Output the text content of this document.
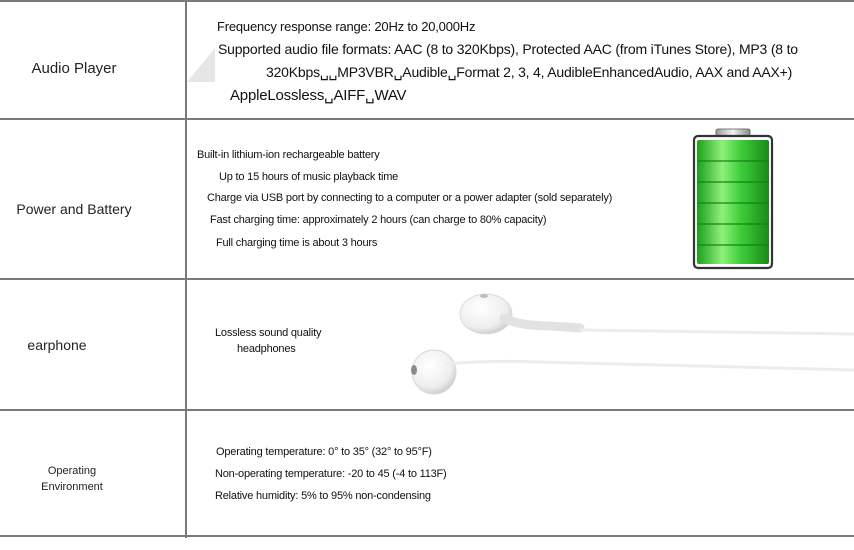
Audio Player
Frequency response range: 20Hz to 20,000Hz
Supported audio file formats: AAC (8 to 320Kbps), Protected AAC (from iTunes Store), MP3 (8 to
320Kbps␣␣MP3VBR␣Audible␣Format 2, 3, 4, AudibleEnhancedAudio, AAX and AAX+)
AppleLossless␣AIFF␣WAV
Power and Battery
Built-in lithium-ion rechargeable battery
Up to 15 hours of music playback time
Charge via USB port by connecting to a computer or a power adapter (sold separately)
Fast charging time: approximately 2 hours (can charge to 80% capacity)
Full charging time is about 3 hours
earphone
Lossless sound quality
headphones
Operating
Environment
Operating temperature: 0° to 35° (32° to 95°F)
Non-operating temperature: -20 to 45 (-4 to 113F)
Relative humidity: 5% to 95% non-condensing
